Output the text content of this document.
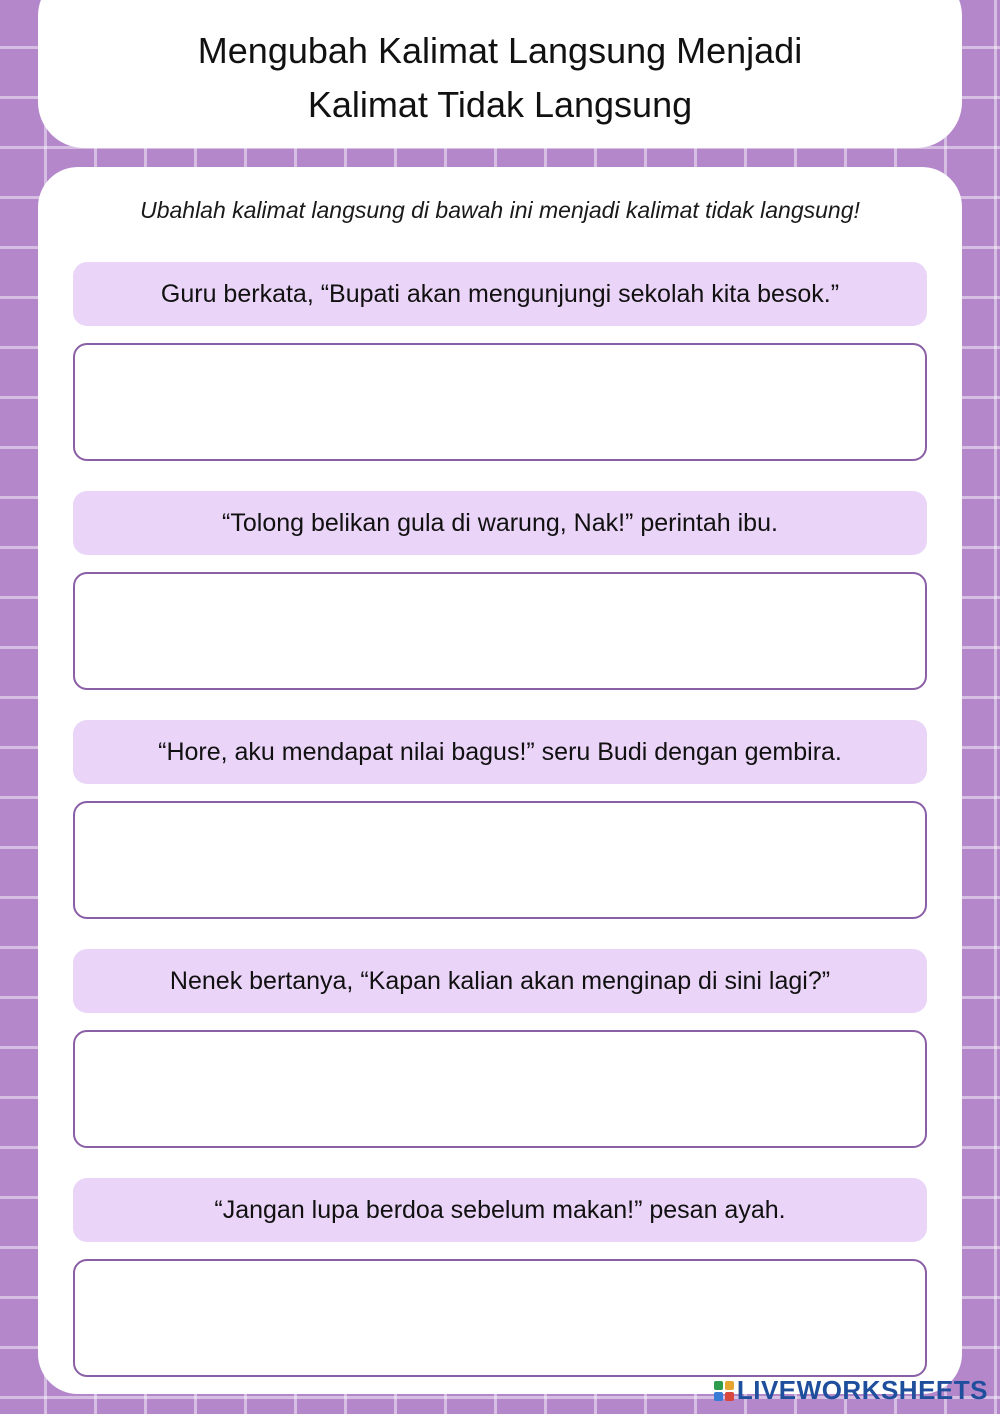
Mengubah Kalimat Langsung Menjadi
Kalimat Tidak Langsung
Ubahlah kalimat langsung di bawah ini menjadi kalimat tidak langsung!
Guru berkata, “Bupati akan mengunjungi sekolah kita besok.”
“Tolong belikan gula di warung, Nak!” perintah ibu.
“Hore, aku mendapat nilai bagus!” seru Budi dengan gembira.
Nenek bertanya, “Kapan kalian akan menginap di sini lagi?”
“Jangan lupa berdoa sebelum makan!” pesan ayah.
LIVEWORKSHEETS
